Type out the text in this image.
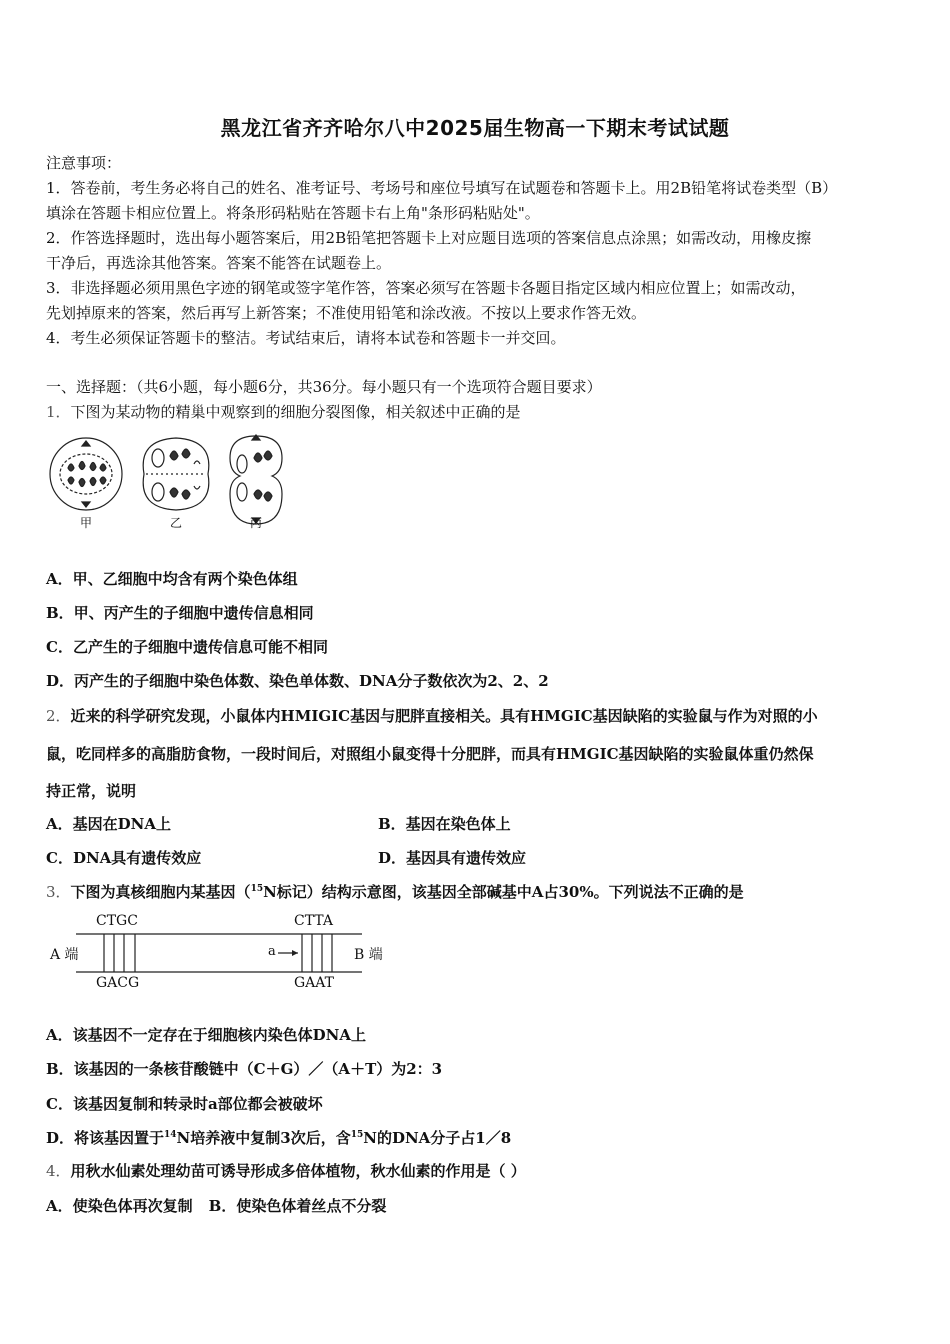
黑龙江省齐齐哈尔八中2025届生物高一下期末考试试题
注意事项：
1．答卷前，考生务必将自己的姓名、准考证号、考场号和座位号填写在试题卷和答题卡上。用2B铅笔将试卷类型（B）
填涂在答题卡相应位置上。将条形码粘贴在答题卡右上角"条形码粘贴处"。
2．作答选择题时，选出每小题答案后，用2B铅笔把答题卡上对应题目选项的答案信息点涂黑；如需改动，用橡皮擦
干净后，再选涂其他答案。答案不能答在试题卷上。
3．非选择题必须用黑色字迹的钢笔或签字笔作答，答案必须写在答题卡各题目指定区域内相应位置上；如需改动，
先划掉原来的答案，然后再写上新答案；不准使用铅笔和涂改液。不按以上要求作答无效。
4．考生必须保证答题卡的整洁。考试结束后，请将本试卷和答题卡一并交回。
一、选择题：（共6小题，每小题6分，共36分。每小题只有一个选项符合题目要求）
1．下图为某动物的精巢中观察到的细胞分裂图像，相关叙述中正确的是
甲	乙	丙
A．甲、乙细胞中均含有两个染色体组
B．甲、丙产生的子细胞中遗传信息相同
C．乙产生的子细胞中遗传信息可能不相同
D．丙产生的子细胞中染色体数、染色单体数、DNA分子数依次为2、2、2
2．近来的科学研究发现，小鼠体内HMIGIC基因与肥胖直接相关。具有HMGIC基因缺陷的实验鼠与作为对照的小
鼠，吃同样多的高脂肪食物，一段时间后，对照组小鼠变得十分肥胖，而具有HMGIC基因缺陷的实验鼠体重仍然保
持正常，说明
A．基因在DNA上	B．基因在染色体上
C．DNA具有遗传效应	D．基因具有遗传效应
3．下图为真核细胞内某基因（$^{15}$N标记）结构示意图，该基因全部碱基中A占30%。下列说法不正确的是
CTGC	CTTA
GACG	GAAT
A 端	B 端
a
A．该基因不一定存在于细胞核内染色体DNA上
B．该基因的一条核苷酸链中（C＋G）／（A＋T）为2：3
C．该基因复制和转录时a部位都会被破坏
D．将该基因置于$^{14}$N培养液中复制3次后，含$^{15}$N的DNA分子占1／8
4．用秋水仙素处理幼苗可诱导形成多倍体植物，秋水仙素的作用是（ ）
A．使染色体再次复制 B．使染色体着丝点不分裂
